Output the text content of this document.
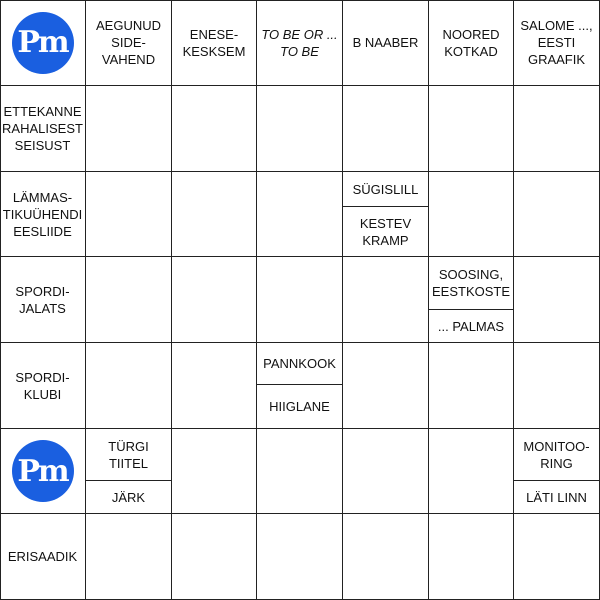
Pm	AEGUNUD
SIDE-
VAHEND
ENESE-
KESKSEM
TO BE OR ...
TO BE
B NAABER
NOORED
KOTKAD
SALOME ...,
EESTI
GRAAFIK
ETTEKANNE
RAHALISEST
SEISUST
LÄMMAS-
TIKUÜHENDI
EESLIIDE
SÜGISLILL
KESTEV
KRAMP
SPORDI-
JALATS
SOOSING,
EESTKOSTE
... PALMAS
SPORDI-
KLUBI
PANNKOOK
HIIGLANE
Pm
TÜRGI
TIITEL
JÄRK
MONITOO-
RING
LÄTI LINN
ERISAADIK
